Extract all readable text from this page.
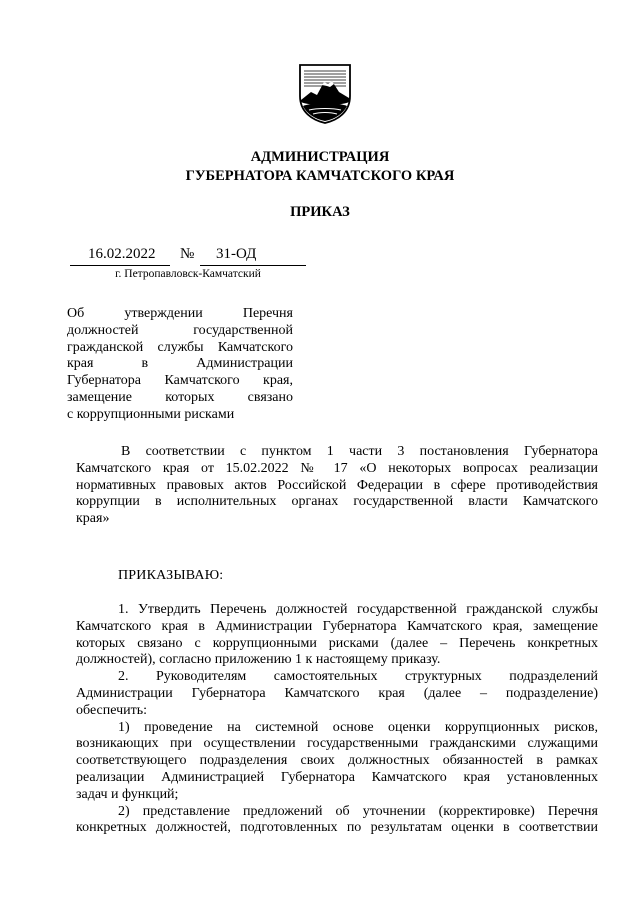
АДМИНИСТРАЦИЯ
ГУБЕРНАТОРА КАМЧАТСКОГО КРАЯ
ПРИКАЗ
16.02.2022 № 31-ОД
г. Петропавловск-Камчатский
Об утверждении Перечня
должностей государственной
гражданской службы Камчатского
края в Администрации
Губернатора Камчатского края,
замещение которых связано
с коррупционными рисками
В соответствии с пунктом 1 части 3 постановления Губернатора
Камчатского края от 15.02.2022 № 17 «О некоторых вопросах реализации
нормативных правовых актов Российской Федерации в сфере противодействия
коррупции в исполнительных органах государственной власти Камчатского
края»
ПРИКАЗЫВАЮ:
1. Утвердить Перечень должностей государственной гражданской службы
Камчатского края в Администрации Губернатора Камчатского края, замещение
которых связано с коррупционными рисками (далее – Перечень конкретных
должностей), согласно приложению 1 к настоящему приказу.
2. Руководителям самостоятельных структурных подразделений
Администрации Губернатора Камчатского края (далее – подразделение)
обеспечить:
1) проведение на системной основе оценки коррупционных рисков,
возникающих при осуществлении государственными гражданскими служащими
соответствующего подразделения своих должностных обязанностей в рамках
реализации Администрацией Губернатора Камчатского края установленных
задач и функций;
2) представление предложений об уточнении (корректировке) Перечня
конкретных должностей, подготовленных по результатам оценки в соответствии
